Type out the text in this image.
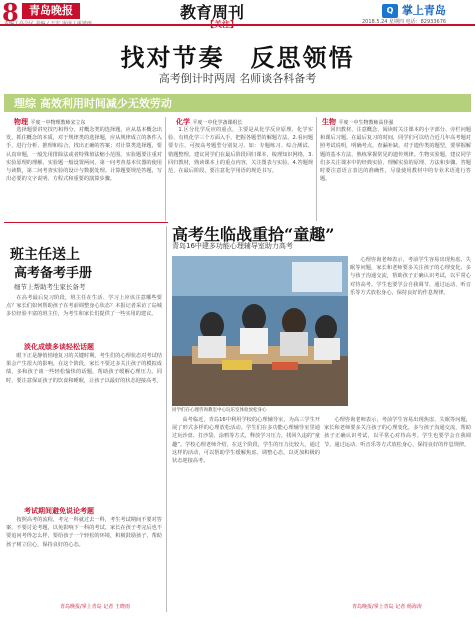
8 青岛晚报
责编 / 高会民 美编 / 于宏 审读 / 咸靖雨
教育周刊
【关注】
Q 掌上青岛
2018.5.24 星期四 电话：82933676
找对节奏　反思领悟
高考倒计时两周 名师谈各科备考
理综 高效利用时间减少无效劳动
物理 平度一中物理教师宋立东

选择题要讲究技巧和得分，对概念类的选择题，应从基本概念出发，抓住概念的本质，对于规律类的选择题，应从规律成立的条件入手，进行分析、推理和综合，找出正确的答案；对计算类选择题，要认真审题，一般先用排除法或者特殊值法缩小范围。实验题要注重对实验原理的理解，实验题一般设置两问，第一问考查基本仪器的使用与读数，第二问考查实验的设计与数据处理。计算题要规范答题，写出必要的文字说明、方程式和重要的演算步骤。

化学 平度一中化学备课组长

1.区分化学反应的重点，主要是从化学反应原理、化学实验、有机化学三个方面入手，把握各题型的解题方法。2.看问题要专注，可按高考题型分别复习，如：专题练习、综合测试、错题整理。建议同学们在最后阶段回归课本，梳理知识网络，3.回归教材，熟读课本上的重点内容，关注图表与实验。4.答题规范，在最后阶段，要注意化学用语的规范书写。

生物 平度一中生物教师高佳强

回归教材，注意概念，阅读时关注课本的小字部分、旁栏问题和课后习题。在最后复习的时间，同学们可以结合近几年高考题对照考试说明，明确考点，查漏补缺。对于遗传类的题型，要掌握解题的基本方法，熟练掌握常见的遗传规律。生物实验题，建议同学们多关注课本中的经典实验，理解实验的原理、方法和步骤。答题时要注意语言表达的准确性，尽量使用教材中的专业术语进行答题。

班主任送上
高考备考手册
细节上帮助考生家长备考

在高考最后复习阶段，班主任在生活、学习上应该注意哪些要点？家长们如何帮助孩子在考前调整身心状态？本报记者采访了岛城多位经验丰富的班主任，为考生和家长们提供了一些实用的建议。

淡化成绩多谈轻松话题

眼下正是静悄悄地复习的关键时期，考生们的心理状态对考试结果会产生很大的影响。在这个阶段，家长不要过多关注孩子的模拟成绩，多和孩子谈一些轻松愉快的话题，帮助孩子缓解心理压力。同时，要注意保证孩子的饮食和睡眠，让孩子以最好的状态迎接高考。

考试期间避免说论考题

按照高考的流程，考完一科就过去一科，考生考试期间不要对答案、不要讨论考题，以免影响下一科的考试。家长在孩子考完后也不要追问考得怎么样，要给孩子一个轻松的环境，积极鼓励孩子，帮助孩子树立信心，保持良好的心态。

青岛晚报/掌上青岛 记者 王晓雨
高考生临战重拾“童趣”
青岛16中建多功能心理辅导室助力高考
同学们在心理咨询教室中心玩乐室体验放松身心

心理咨询老师表示，考前学生容易出现焦虑、失眠等问题，家长和老师要多关注孩子的心理变化，多与孩子沟通交流，帮助孩子正确认识考试，以平常心对待高考。学生也要学会自我调节，通过运动、听音乐等方式放松身心，保持良好的作息规律。

高考临近，青岛16中利用学校的心理辅导室，为高三学生开展了形式多样的心理放松活动。学生们在多功能心理辅导室里通过玩沙盘、打沙袋、涂鸦等方式，释放学习压力，找回久违的“童趣”。学校心理老师介绍，在这个阶段，学生的压力比较大，通过这样的活动，可以帮助学生缓解焦虑、调整心态，以更加积极的状态迎接高考。

心理咨询老师表示，考前学生容易出现焦虑、失眠等问题，家长和老师要多关注孩子的心理变化，多与孩子沟通交流，帮助孩子正确认识考试，以平常心对待高考。学生也要学会自我调节，通过运动、听音乐等方式放松身心，保持良好的作息规律。

青岛晚报/掌上青岛 记者 杨海涛
